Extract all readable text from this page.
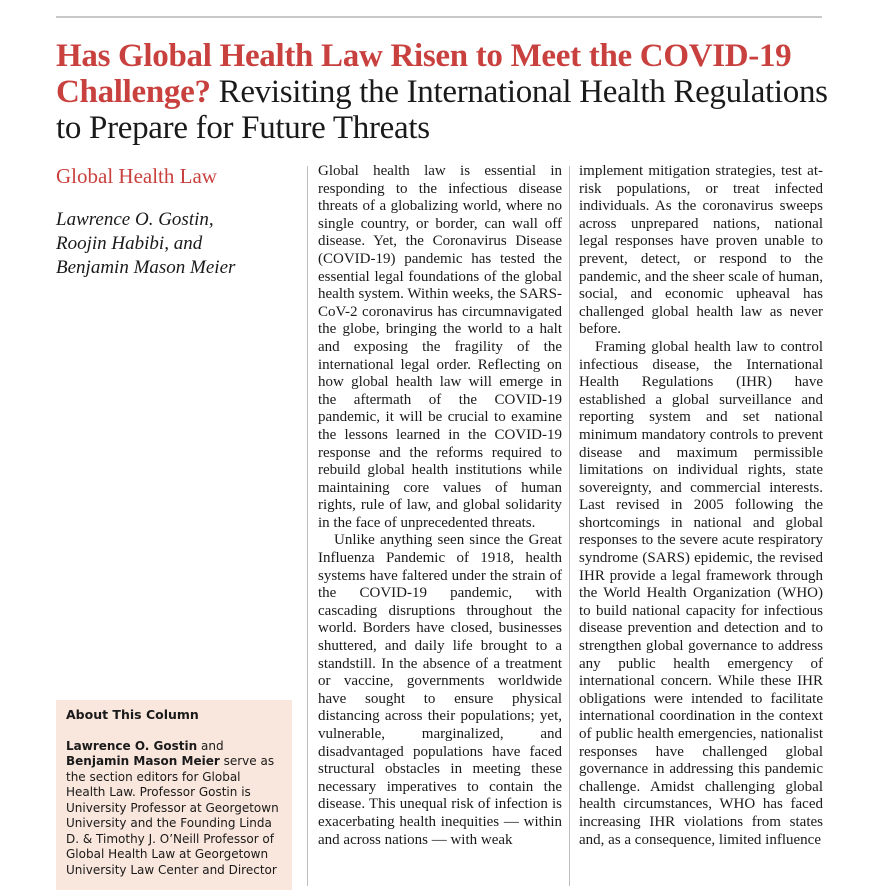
Has Global Health Law Risen to Meet the COVID-19 Challenge? Revisiting the International Health Regulations to Prepare for Future Threats
Global Health Law
Lawrence O. Gostin,
Roojin Habibi, and
Benjamin Mason Meier
About This Column
Lawrence O. Gostin and
Benjamin Mason Meier serve as the section editors for Global Health Law. Professor Gostin is University Professor at Georgetown University and the Founding Linda D. & Timothy J. O’Neill Professor of Global Health Law at Georgetown University Law Center and Director

Global health law is essential in responding to the infectious disease threats of a globalizing world, where no single country, or border, can wall off disease. Yet, the Coronavirus Disease (COVID-19) pandemic has tested the essential legal foundations of the global health system. Within weeks, the SARS-CoV-2 coronavirus has circumnavigated the globe, bringing the world to a halt and exposing the fragility of the international legal order. Reflecting on how global health law will emerge in the aftermath of the COVID-19 pandemic, it will be crucial to examine the lessons learned in the COVID-19 response and the reforms required to rebuild global health institutions while maintaining core values of human rights, rule of law, and global solidarity in the face of unprecedented threats.

Unlike anything seen since the Great Influenza Pandemic of 1918, health systems have faltered under the strain of the COVID-19 pandemic, with cascading disruptions throughout the world. Borders have closed, businesses shuttered, and daily life brought to a standstill. In the absence of a treatment or vaccine, governments worldwide have sought to ensure physical distancing across their populations; yet, vulnerable, marginalized, and disadvantaged populations have faced structural obstacles in meeting these necessary imperatives to contain the disease. This unequal risk of infection is exacerbating health inequities — within and across nations — with weak

implement mitigation strategies, test at-risk populations, or treat infected individuals. As the coronavirus sweeps across unprepared nations, national legal responses have proven unable to prevent, detect, or respond to the pandemic, and the sheer scale of human, social, and economic upheaval has challenged global health law as never before.

Framing global health law to control infectious disease, the International Health Regulations (IHR) have established a global surveillance and reporting system and set national minimum mandatory controls to prevent disease and maximum permissible limitations on individual rights, state sovereignty, and commercial interests. Last revised in 2005 following the shortcomings in national and global responses to the severe acute respiratory syndrome (SARS) epidemic, the revised IHR provide a legal framework through the World Health Organization (WHO) to build national capacity for infectious disease prevention and detection and to strengthen global governance to address any public health emergency of international concern. While these IHR obligations were intended to facilitate international coordination in the context of public health emergencies, nationalist responses have challenged global governance in addressing this pandemic challenge. Amidst challenging global health circumstances, WHO has faced increasing IHR violations from states and, as a consequence, limited influence
